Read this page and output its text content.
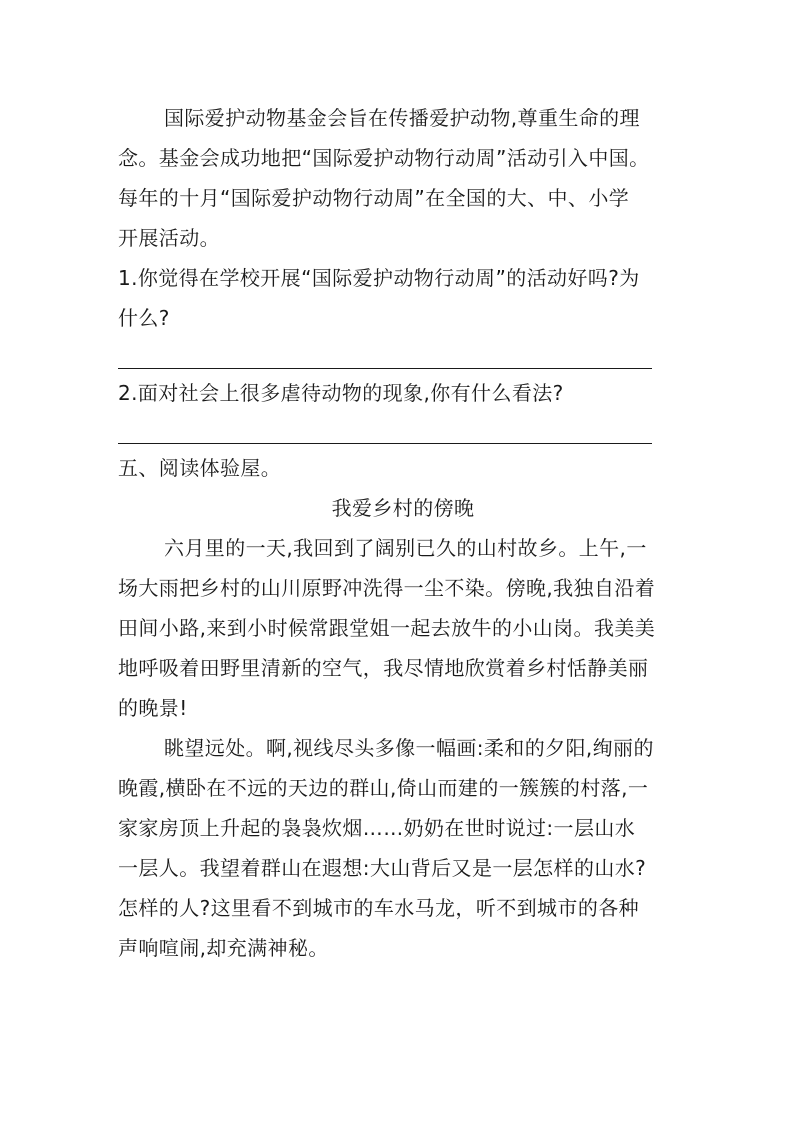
国际爱护动物基金会旨在传播爱护动物,尊重生命的理
念。基金会成功地把“国际爱护动物行动周”活动引入中国。
每年的十月“国际爱护动物行动周”在全国的大、中、小学
开展活动。
1.你觉得在学校开展“国际爱护动物行动周”的活动好吗?为
什么?
2.面对社会上很多虐待动物的现象,你有什么看法?
五、阅读体验屋。
我爱乡村的傍晚
六月里的一天,我回到了阔别已久的山村故乡。上午,一
场大雨把乡村的山川原野冲洗得一尘不染。傍晚,我独自沿着
田间小路,来到小时候常跟堂姐一起去放牛的小山岗。我美美
地呼吸着田野里清新的空气，我尽情地欣赏着乡村恬静美丽
的晚景!
眺望远处。啊,视线尽头多像一幅画:柔和的夕阳,绚丽的
晚霞,横卧在不远的天边的群山,倚山而建的一簇簇的村落,一
家家房顶上升起的袅袅炊烟……奶奶在世时说过:一层山水
一层人。我望着群山在遐想:大山背后又是一层怎样的山水?
怎样的人?这里看不到城市的车水马龙，听不到城市的各种
声响喧闹,却充满神秘。
